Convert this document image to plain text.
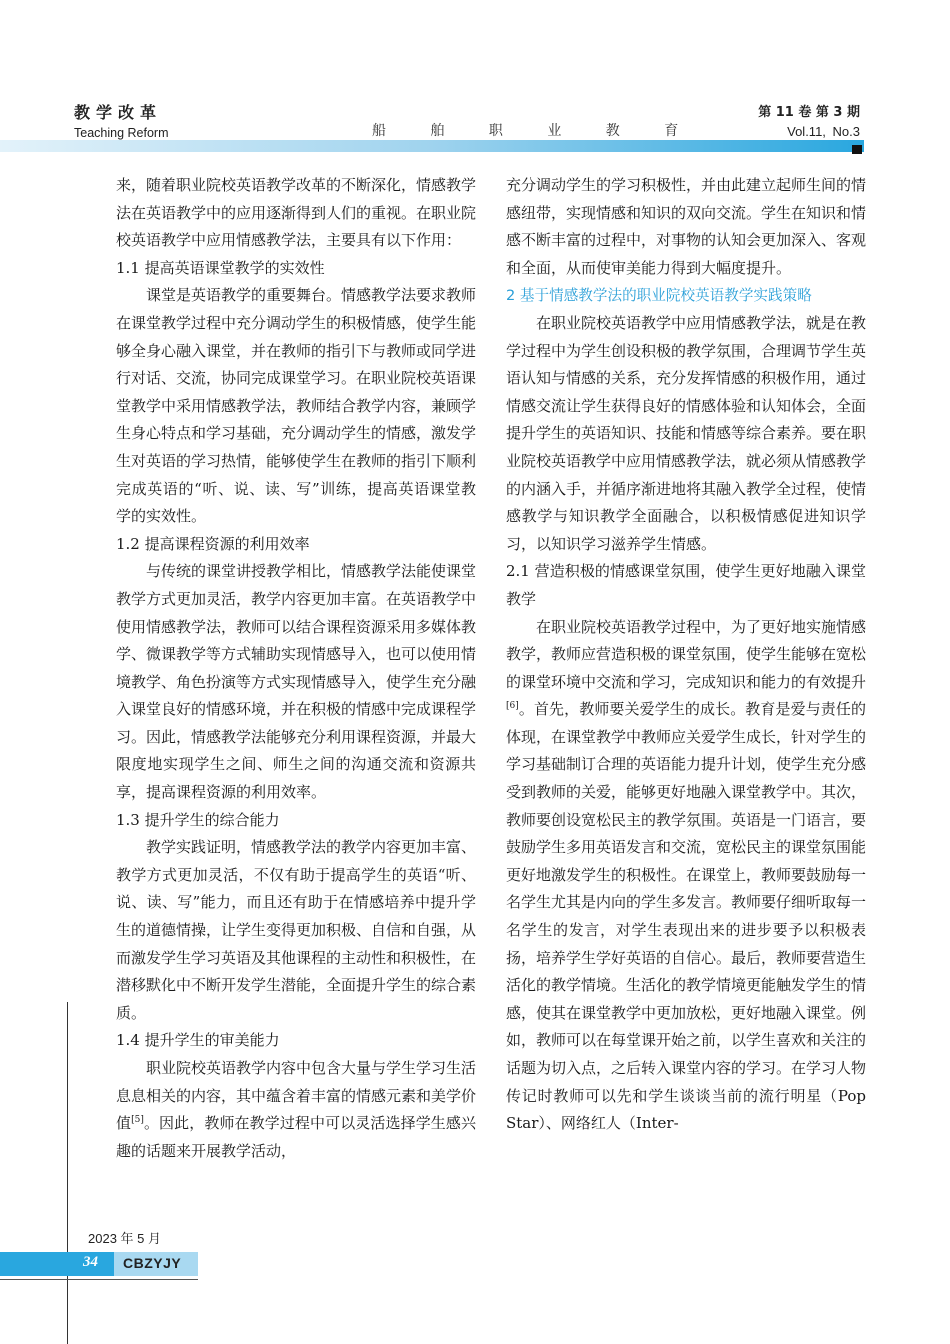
教学改革
Teaching Reform	船 舶 职 业 教 育
第 11 卷 第 3 期
Vol.11, No.3

来，随着职业院校英语教学改革的不断深化，情感教学法在英语教学中的应用逐渐得到人们的重视。在职业院校英语教学中应用情感教学法，主要具有以下作用：

1.1 提高英语课堂教学的实效性

课堂是英语教学的重要舞台。情感教学法要求教师在课堂教学过程中充分调动学生的积极情感，使学生能够全身心融入课堂，并在教师的指引下与教师或同学进行对话、交流，协同完成课堂学习。在职业院校英语课堂教学中采用情感教学法，教师结合教学内容，兼顾学生身心特点和学习基础，充分调动学生的情感，激发学生对英语的学习热情，能够使学生在教师的指引下顺利完成英语的“听、说、读、写”训练，提高英语课堂教学的实效性。

1.2 提高课程资源的利用效率

与传统的课堂讲授教学相比，情感教学法能使课堂教学方式更加灵活，教学内容更加丰富。在英语教学中使用情感教学法，教师可以结合课程资源采用多媒体教学、微课教学等方式辅助实现情感导入，也可以使用情境教学、角色扮演等方式实现情感导入，使学生充分融入课堂良好的情感环境，并在积极的情感中完成课程学习。因此，情感教学法能够充分利用课程资源，并最大限度地实现学生之间、师生之间的沟通交流和资源共享，提高课程资源的利用效率。

1.3 提升学生的综合能力

教学实践证明，情感教学法的教学内容更加丰富、教学方式更加灵活，不仅有助于提高学生的英语“听、说、读、写”能力，而且还有助于在情感培养中提升学生的道德情操，让学生变得更加积极、自信和自强，从而激发学生学习英语及其他课程的主动性和积极性，在潜移默化中不断开发学生潜能，全面提升学生的综合素质。

1.4 提升学生的审美能力

职业院校英语教学内容中包含大量与学生学习生活息息相关的内容，其中蕴含着丰富的情感元素和美学价值[5]。因此，教师在教学过程中可以灵活选择学生感兴趣的话题来开展教学活动，

充分调动学生的学习积极性，并由此建立起师生间的情感纽带，实现情感和知识的双向交流。学生在知识和情感不断丰富的过程中，对事物的认知会更加深入、客观和全面，从而使审美能力得到大幅度提升。

2 基于情感教学法的职业院校英语教学实践策略

在职业院校英语教学中应用情感教学法，就是在教学过程中为学生创设积极的教学氛围，合理调节学生英语认知与情感的关系，充分发挥情感的积极作用，通过情感交流让学生获得良好的情感体验和认知体会，全面提升学生的英语知识、技能和情感等综合素养。要在职业院校英语教学中应用情感教学法，就必须从情感教学的内涵入手，并循序渐进地将其融入教学全过程，使情感教学与知识教学全面融合，以积极情感促进知识学习，以知识学习滋养学生情感。

2.1 营造积极的情感课堂氛围，使学生更好地融入课堂教学

在职业院校英语教学过程中，为了更好地实施情感教学，教师应营造积极的课堂氛围，使学生能够在宽松的课堂环境中交流和学习，完成知识和能力的有效提升[6]。首先，教师要关爱学生的成长。教育是爱与责任的体现，在课堂教学中教师应关爱学生成长，针对学生的学习基础制订合理的英语能力提升计划，使学生充分感受到教师的关爱，能够更好地融入课堂教学中。其次，教师要创设宽松民主的教学氛围。英语是一门语言，要鼓励学生多用英语发言和交流，宽松民主的课堂氛围能更好地激发学生的积极性。在课堂上，教师要鼓励每一名学生尤其是内向的学生多发言。教师要仔细听取每一名学生的发言，对学生表现出来的进步要予以积极表扬，培养学生学好英语的自信心。最后，教师要营造生活化的教学情境。生活化的教学情境更能触发学生的情感，使其在课堂教学中更加放松，更好地融入课堂。例如，教师可以在每堂课开始之前，以学生喜欢和关注的话题为切入点，之后转入课堂内容的学习。在学习人物传记时教师可以先和学生谈谈当前的流行明星（Pop Star）、网络红人（Inter-

2023 年 5 月
34 CBZYJY
